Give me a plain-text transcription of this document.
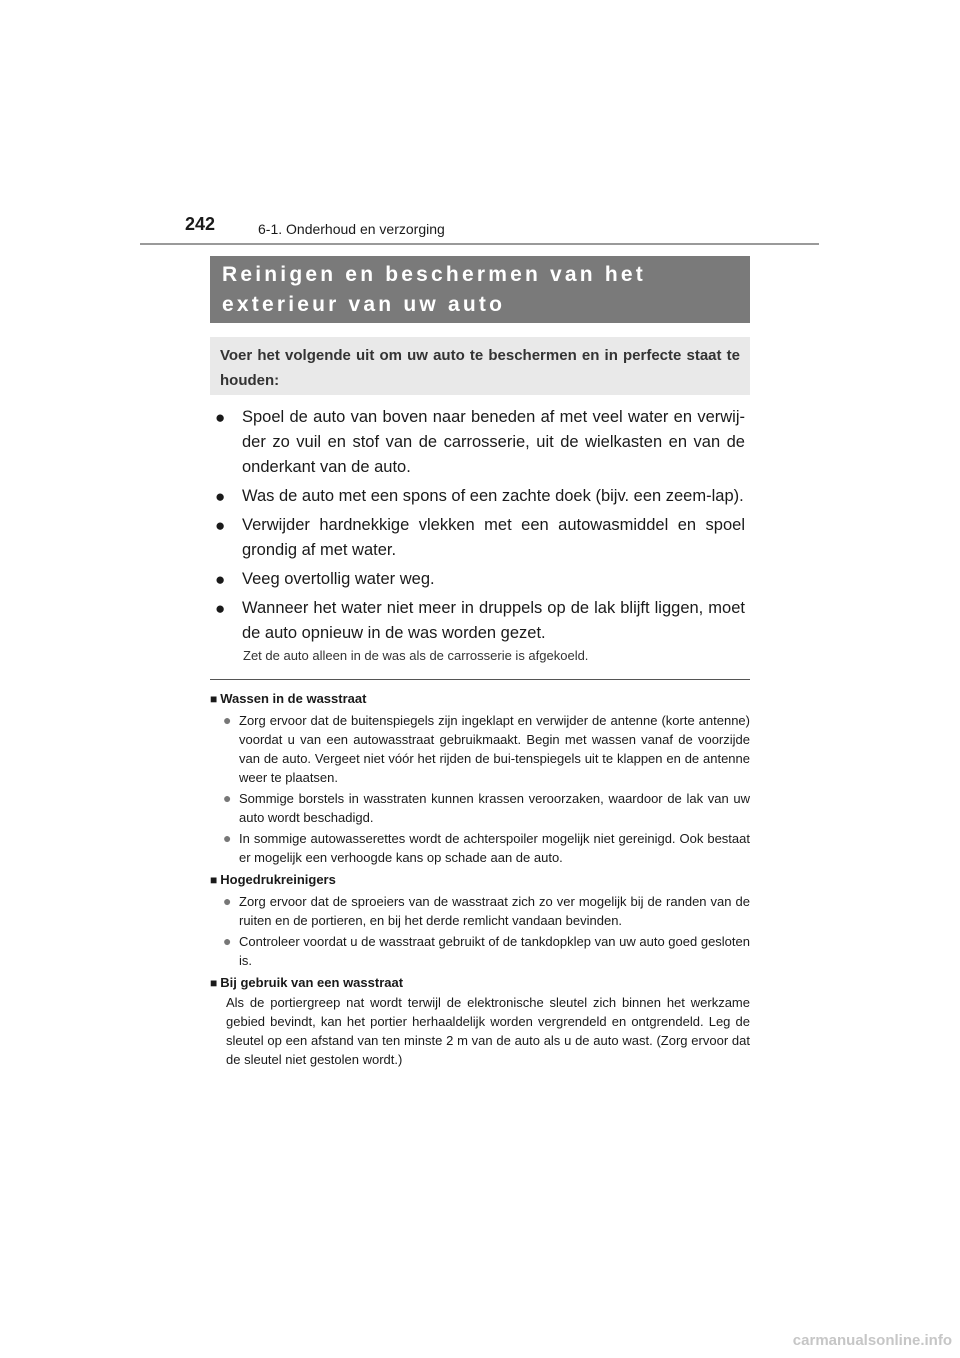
242	6-1. Onderhoud en verzorging
Reinigen en beschermen van het exterieur van uw auto

Voer het volgende uit om uw auto te beschermen en in perfecte staat te houden:

● Spoel de auto van boven naar beneden af met veel water en verwij-der zo vuil en stof van de carrosserie, uit de wielkasten en van de onderkant van de auto.
● Was de auto met een spons of een zachte doek (bijv. een zeem-lap).
● Verwijder hardnekkige vlekken met een autowasmiddel en spoel grondig af met water.
● Veeg overtollig water weg.
● Wanneer het water niet meer in druppels op de lak blijft liggen, moet de auto opnieuw in de was worden gezet.
Zet de auto alleen in de was als de carrosserie is afgekoeld.
■ Wassen in de wasstraat
● Zorg ervoor dat de buitenspiegels zijn ingeklapt en verwijder de antenne (korte antenne) voordat u van een autowasstraat gebruikmaakt. Begin met wassen vanaf de voorzijde van de auto. Vergeet niet vóór het rijden de bui-tenspiegels uit te klappen en de antenne weer te plaatsen.
● Sommige borstels in wasstraten kunnen krassen veroorzaken, waardoor de lak van uw auto wordt beschadigd.
● In sommige autowasserettes wordt de achterspoiler mogelijk niet gereinigd. Ook bestaat er mogelijk een verhoogde kans op schade aan de auto.
■ Hogedrukreinigers
● Zorg ervoor dat de sproeiers van de wasstraat zich zo ver mogelijk bij de randen van de ruiten en de portieren, en bij het derde remlicht vandaan bevinden.
● Controleer voordat u de wasstraat gebruikt of de tankdopklep van uw auto goed gesloten is.
■ Bij gebruik van een wasstraat
Als de portiergreep nat wordt terwijl de elektronische sleutel zich binnen het werkzame gebied bevindt, kan het portier herhaaldelijk worden vergrendeld en ontgrendeld. Leg de sleutel op een afstand van ten minste 2 m van de auto als u de auto wast. (Zorg ervoor dat de sleutel niet gestolen wordt.)
carmanualsonline.info
